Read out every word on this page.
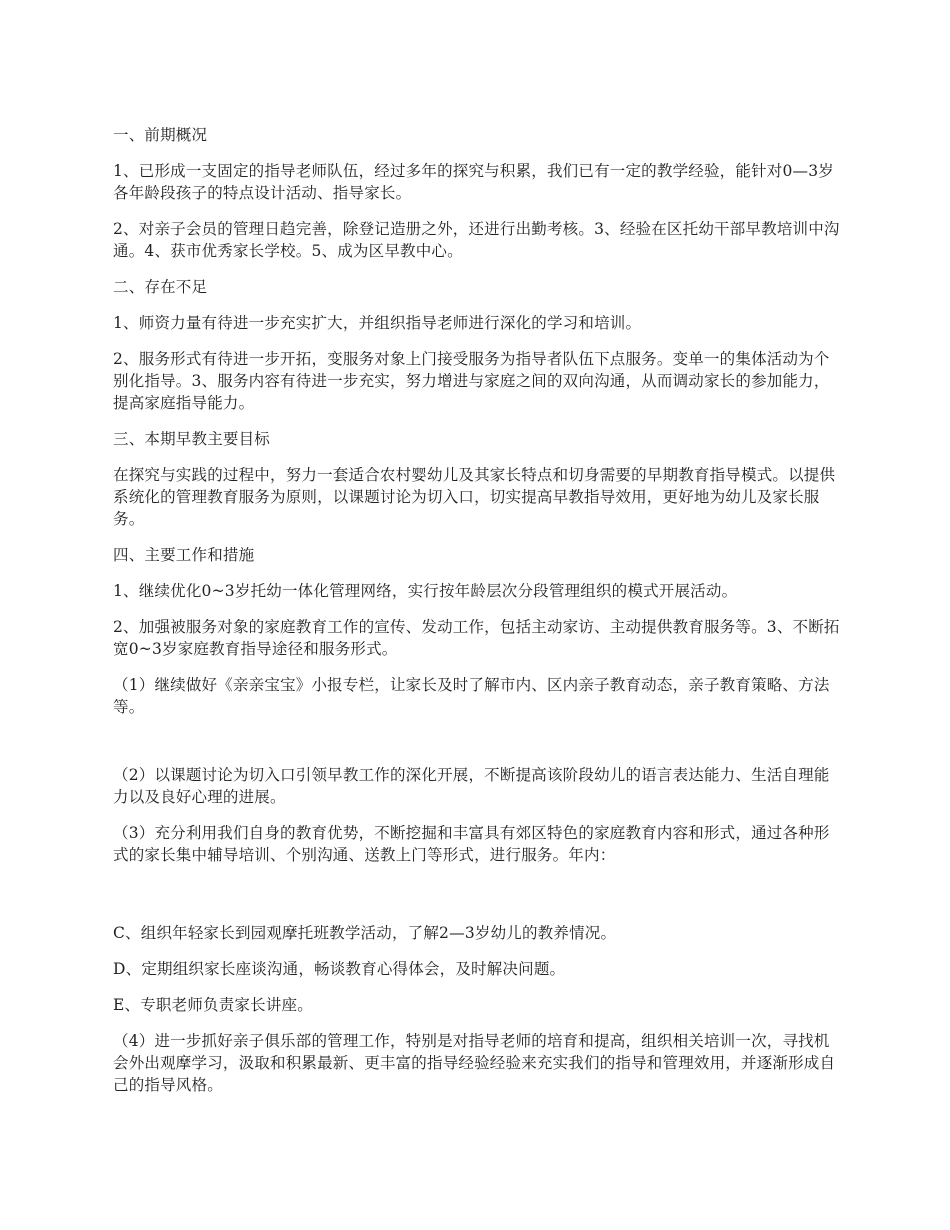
一、前期概况

1、已形成一支固定的指导老师队伍，经过多年的探究与积累，我们已有一定的教学经验，能针对0—3岁各年龄段孩子的特点设计活动、指导家长。

2、对亲子会员的管理日趋完善，除登记造册之外，还进行出勤考核。3、经验在区托幼干部早教培训中沟通。4、获市优秀家长学校。5、成为区早教中心。

二、存在不足

1、师资力量有待进一步充实扩大，并组织指导老师进行深化的学习和培训。

2、服务形式有待进一步开拓，变服务对象上门接受服务为指导者队伍下点服务。变单一的集体活动为个别化指导。3、服务内容有待进一步充实，努力增进与家庭之间的双向沟通，从而调动家长的参加能力，提高家庭指导能力。

三、本期早教主要目标

在探究与实践的过程中，努力一套适合农村婴幼儿及其家长特点和切身需要的早期教育指导模式。以提供系统化的管理教育服务为原则，以课题讨论为切入口，切实提高早教指导效用，更好地为幼儿及家长服务。

四、主要工作和措施

1、继续优化0~3岁托幼一体化管理网络，实行按年龄层次分段管理组织的模式开展活动。

2、加强被服务对象的家庭教育工作的宣传、发动工作，包括主动家访、主动提供教育服务等。3、不断拓宽0~3岁家庭教育指导途径和服务形式。

（1）继续做好《亲亲宝宝》小报专栏，让家长及时了解市内、区内亲子教育动态，亲子教育策略、方法等。

（2）以课题讨论为切入口引领早教工作的深化开展，不断提高该阶段幼儿的语言表达能力、生活自理能力以及良好心理的进展。

（3）充分利用我们自身的教育优势，不断挖掘和丰富具有郊区特色的家庭教育内容和形式，通过各种形式的家长集中辅导培训、个别沟通、送教上门等形式，进行服务。年内：

C、组织年轻家长到园观摩托班教学活动，了解2—3岁幼儿的教养情况。

D、定期组织家长座谈沟通，畅谈教育心得体会，及时解决问题。

E、专职老师负责家长讲座。

（4）进一步抓好亲子俱乐部的管理工作，特别是对指导老师的培育和提高，组织相关培训一次，寻找机会外出观摩学习，汲取和积累最新、更丰富的指导经验经验来充实我们的指导和管理效用，并逐渐形成自己的指导风格。
